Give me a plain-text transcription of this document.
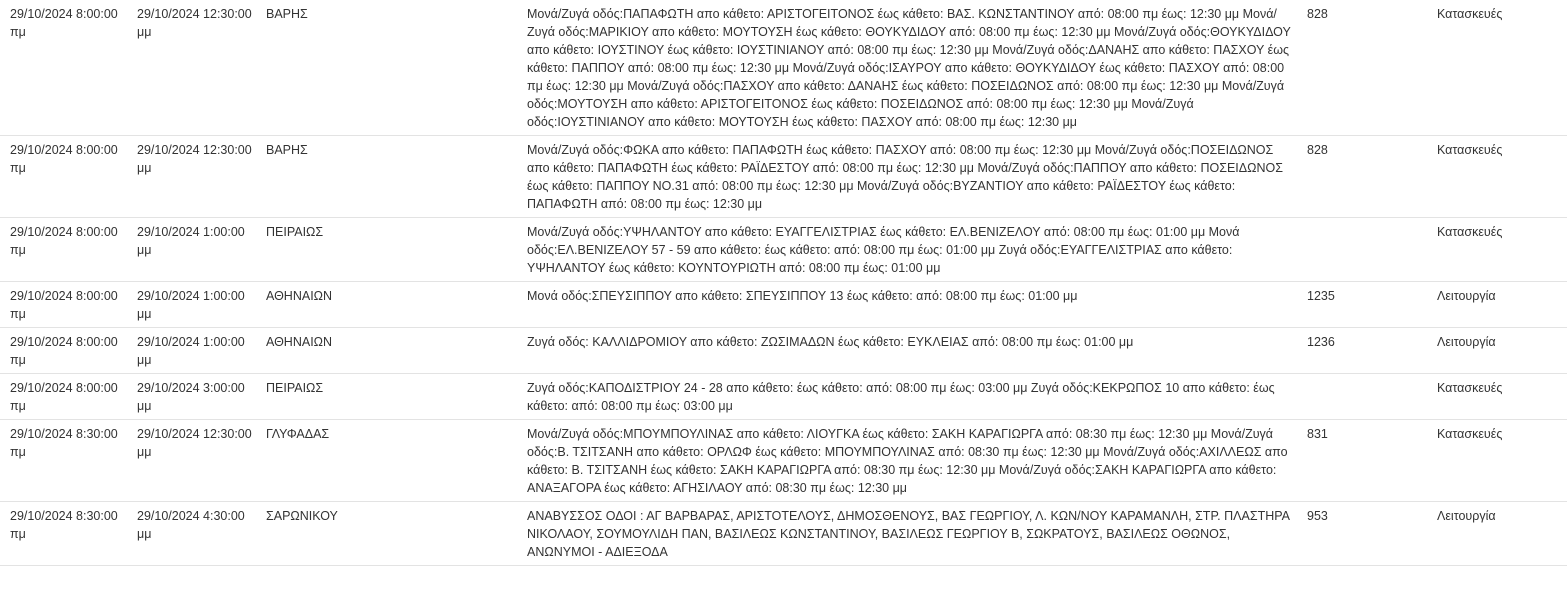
29/10/2024 8:00:00 πμ	29/10/2024 12:30:00 μμ	ΒΑΡΗΣ	Μονά/Ζυγά οδός:ΠΑΠΑΦΩΤΗ απο κάθετο: ΑΡΙΣΤΟΓΕΙΤΟΝΟΣ έως κάθετο: ΒΑΣ. ΚΩΝΣΤΑΝΤΙΝΟΥ από: 08:00 πμ έως: 12:30 μμ Μονά/Ζυγά οδός:ΜΑΡΙΚΙΟΥ απο κάθετο: ΜΟΥΤΟΥΣΗ έως κάθετο: ΘΟΥΚΥΔΙΔΟΥ από: 08:00 πμ έως: 12:30 μμ Μονά/Ζυγά οδός:ΘΟΥΚΥΔΙΔΟΥ απο κάθετο: ΙΟΥΣΤΙΝΟΥ έως κάθετο: ΙΟΥΣΤΙΝΙΑΝΟΥ από: 08:00 πμ έως: 12:30 μμ Μονά/Ζυγά οδός:ΔΑΝΑΗΣ απο κάθετο: ΠΑΣΧΟΥ έως κάθετο: ΠΑΠΠΟΥ από: 08:00 πμ έως: 12:30 μμ Μονά/Ζυγά οδός:ΙΣΑΥΡΟΥ απο κάθετο: ΘΟΥΚΥΔΙΔΟΥ έως κάθετο: ΠΑΣΧΟΥ από: 08:00 πμ έως: 12:30 μμ Μονά/Ζυγά οδός:ΠΑΣΧΟΥ απο κάθετο: ΔΑΝΑΗΣ έως κάθετο: ΠΟΣΕΙΔΩΝΟΣ από: 08:00 πμ έως: 12:30 μμ Μονά/Ζυγά οδός:ΜΟΥΤΟΥΣΗ απο κάθετο: ΑΡΙΣΤΟΓΕΙΤΟΝΟΣ έως κάθετο: ΠΟΣΕΙΔΩΝΟΣ από: 08:00 πμ έως: 12:30 μμ Μονά/Ζυγά οδός:ΙΟΥΣΤΙΝΙΑΝΟΥ απο κάθετο: ΜΟΥΤΟΥΣΗ έως κάθετο: ΠΑΣΧΟΥ από: 08:00 πμ έως: 12:30 μμ	828	Κατασκευές
29/10/2024 8:00:00 πμ	29/10/2024 12:30:00 μμ	ΒΑΡΗΣ	Μονά/Ζυγά οδός:ΦΩΚΑ απο κάθετο: ΠΑΠΑΦΩΤΗ έως κάθετο: ΠΑΣΧΟΥ από: 08:00 πμ έως: 12:30 μμ Μονά/Ζυγά οδός:ΠΟΣΕΙΔΩΝΟΣ απο κάθετο: ΠΑΠΑΦΩΤΗ έως κάθετο: ΡΑΪΔΕΣΤΟΥ από: 08:00 πμ έως: 12:30 μμ Μονά/Ζυγά οδός:ΠΑΠΠΟΥ απο κάθετο: ΠΟΣΕΙΔΩΝΟΣ έως κάθετο: ΠΑΠΠΟΥ ΝΟ.31 από: 08:00 πμ έως: 12:30 μμ Μονά/Ζυγά οδός:ΒΥΖΑΝΤΙΟΥ απο κάθετο: ΡΑΪΔΕΣΤΟΥ έως κάθετο: ΠΑΠΑΦΩΤΗ από: 08:00 πμ έως: 12:30 μμ	828	Κατασκευές
29/10/2024 8:00:00 πμ	29/10/2024 1:00:00 μμ	ΠΕΙΡΑΙΩΣ	Μονά/Ζυγά οδός:ΥΨΗΛΑΝΤΟΥ απο κάθετο: ΕΥΑΓΓΕΛΙΣΤΡΙΑΣ έως κάθετο: ΕΛ.ΒΕΝΙΖΕΛΟΥ από: 08:00 πμ έως: 01:00 μμ Μονά οδός:ΕΛ.ΒΕΝΙΖΕΛΟΥ 57 - 59 απο κάθετο: έως κάθετο: από: 08:00 πμ έως: 01:00 μμ Ζυγά οδός:ΕΥΑΓΓΕΛΙΣΤΡΙΑΣ απο κάθετο: ΥΨΗΛΑΝΤΟΥ έως κάθετο: ΚΟΥΝΤΟΥΡΙΩΤΗ από: 08:00 πμ έως: 01:00 μμ		Κατασκευές
29/10/2024 8:00:00 πμ	29/10/2024 1:00:00 μμ	ΑΘΗΝΑΙΩΝ	Μονά οδός:ΣΠΕΥΣΙΠΠΟΥ απο κάθετο: ΣΠΕΥΣΙΠΠΟΥ 13 έως κάθετο: από: 08:00 πμ έως: 01:00 μμ	1235	Λειτουργία
29/10/2024 8:00:00 πμ	29/10/2024 1:00:00 μμ	ΑΘΗΝΑΙΩΝ	Ζυγά οδός: ΚΑΛΛΙΔΡΟΜΙΟΥ απο κάθετο: ΖΩΣΙΜΑΔΩΝ έως κάθετο: ΕΥΚΛΕΙΑΣ από: 08:00 πμ έως: 01:00 μμ	1236	Λειτουργία
29/10/2024 8:00:00 πμ	29/10/2024 3:00:00 μμ	ΠΕΙΡΑΙΩΣ	Ζυγά οδός:ΚΑΠΟΔΙΣΤΡΙΟΥ 24 - 28 απο κάθετο: έως κάθετο: από: 08:00 πμ έως: 03:00 μμ Ζυγά οδός:ΚΕΚΡΩΠΟΣ 10 απο κάθετο: έως κάθετο: από: 08:00 πμ έως: 03:00 μμ		Κατασκευές
29/10/2024 8:30:00 πμ	29/10/2024 12:30:00 μμ	ΓΛΥΦΑΔΑΣ	Μονά/Ζυγά οδός:ΜΠΟΥΜΠΟΥΛΙΝΑΣ απο κάθετο: ΛΙΟΥΓΚΑ έως κάθετο: ΣΑΚΗ ΚΑΡΑΓΙΩΡΓΑ από: 08:30 πμ έως: 12:30 μμ Μονά/Ζυγά οδός:Β. ΤΣΙΤΣΑΝΗ απο κάθετο: ΟΡΛΩΦ έως κάθετο: ΜΠΟΥΜΠΟΥΛΙΝΑΣ από: 08:30 πμ έως: 12:30 μμ Μονά/Ζυγά οδός:ΑΧΙΛΛΕΩΣ απο κάθετο: Β. ΤΣΙΤΣΑΝΗ έως κάθετο: ΣΑΚΗ ΚΑΡΑΓΙΩΡΓΑ από: 08:30 πμ έως: 12:30 μμ Μονά/Ζυγά οδός:ΣΑΚΗ ΚΑΡΑΓΙΩΡΓΑ απο κάθετο: ΑΝΑΞΑΓΟΡΑ έως κάθετο: ΑΓΗΣΙΛΑΟΥ από: 08:30 πμ έως: 12:30 μμ	831	Κατασκευές
29/10/2024 8:30:00 πμ	29/10/2024 4:30:00 μμ	ΣΑΡΩΝΙΚΟΥ	ΑΝΑΒΥΣΣΟΣ ΟΔΟΙ : ΑΓ ΒΑΡΒΑΡΑΣ, ΑΡΙΣΤΟΤΕΛΟΥΣ, ΔΗΜΟΣΘΕΝΟΥΣ, ΒΑΣ ΓΕΩΡΓΙΟΥ, Λ. ΚΩΝ/ΝΟΥ ΚΑΡΑΜΑΝΛΗ, ΣΤΡ. ΠΛΑΣΤΗΡΑ ΝΙΚΟΛΑΟΥ, ΣΟΥΜΟΥΛΙΔΗ ΠΑΝ, ΒΑΣΙΛΕΩΣ ΚΩΝΣΤΑΝΤΙΝΟΥ, ΒΑΣΙΛΕΩΣ ΓΕΩΡΓΙΟΥ Β, ΣΩΚΡΑΤΟΥΣ, ΒΑΣΙΛΕΩΣ ΟΘΩΝΟΣ, ΑΝΩΝΥΜΟΙ - ΑΔΙΕΞΟΔΑ	953	Λειτουργία
